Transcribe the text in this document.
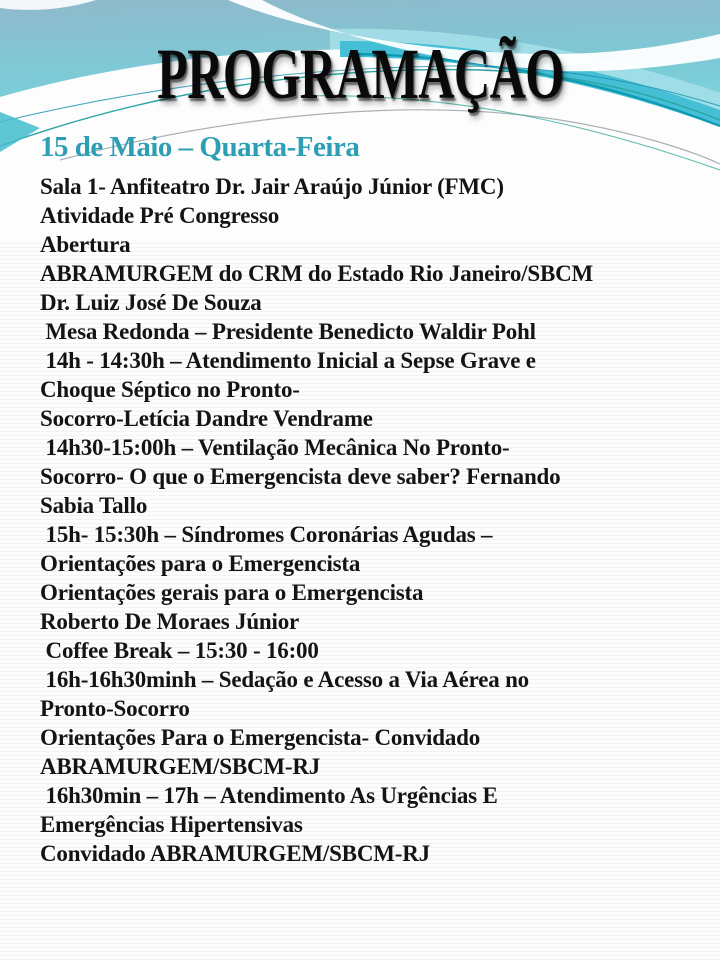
PROGRAMAÇÃO
15 de Maio – Quarta-Feira
Sala 1- Anfiteatro Dr. Jair Araújo Júnior (FMC)
Atividade Pré Congresso
Abertura
ABRAMURGEM do CRM do Estado Rio Janeiro/SBCM
Dr. Luiz José De Souza
Mesa Redonda – Presidente Benedicto Waldir Pohl
14h - 14:30h – Atendimento Inicial a Sepse Grave e
Choque Séptico no Pronto-
Socorro-Letícia Dandre Vendrame
14h30-15:00h – Ventilação Mecânica No Pronto-
Socorro- O que o Emergencista deve saber? Fernando
Sabia Tallo
15h- 15:30h – Síndromes Coronárias Agudas –
Orientações para o Emergencista
Orientações gerais para o Emergencista
Roberto De Moraes Júnior
Coffee Break – 15:30 - 16:00
16h-16h30minh – Sedação e Acesso a Via Aérea no
Pronto-Socorro
Orientações Para o Emergencista- Convidado
ABRAMURGEM/SBCM-RJ
16h30min – 17h – Atendimento As Urgências E
Emergências Hipertensivas
Convidado ABRAMURGEM/SBCM-RJ
